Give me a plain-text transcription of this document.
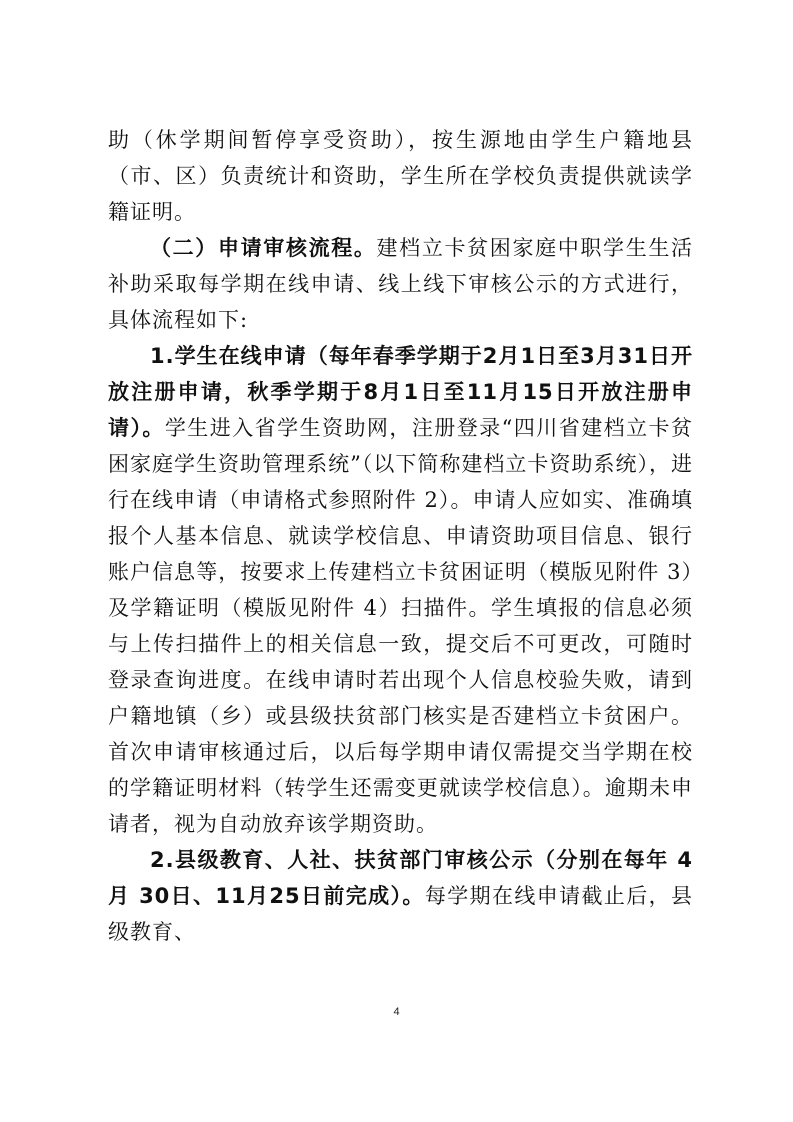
助（休学期间暂停享受资助），按生源地由学生户籍地县（市、区）负责统计和资助，学生所在学校负责提供就读学籍证明。

（二）申请审核流程。建档立卡贫困家庭中职学生生活补助采取每学期在线申请、线上线下审核公示的方式进行，具体流程如下:

1.学生在线申请（每年春季学期于2月1日至3月31日开放注册申请，秋季学期于8月1日至11月15日开放注册申请）。学生进入省学生资助网，注册登录“四川省建档立卡贫困家庭学生资助管理系统”（以下简称建档立卡资助系统），进行在线申请（申请格式参照附件 2）。申请人应如实、准确填报个人基本信息、就读学校信息、申请资助项目信息、银行账户信息等，按要求上传建档立卡贫困证明（模版见附件 3）及学籍证明（模版见附件 4）扫描件。学生填报的信息必须与上传扫描件上的相关信息一致，提交后不可更改，可随时登录查询进度。在线申请时若出现个人信息校验失败，请到户籍地镇（乡）或县级扶贫部门核实是否建档立卡贫困户。首次申请审核通过后，以后每学期申请仅需提交当学期在校的学籍证明材料（转学生还需变更就读学校信息）。逾期未申请者，视为自动放弃该学期资助。

2.县级教育、人社、扶贫部门审核公示（分别在每年 4 月 30日、11月25日前完成）。每学期在线申请截止后，县级教育、

4
